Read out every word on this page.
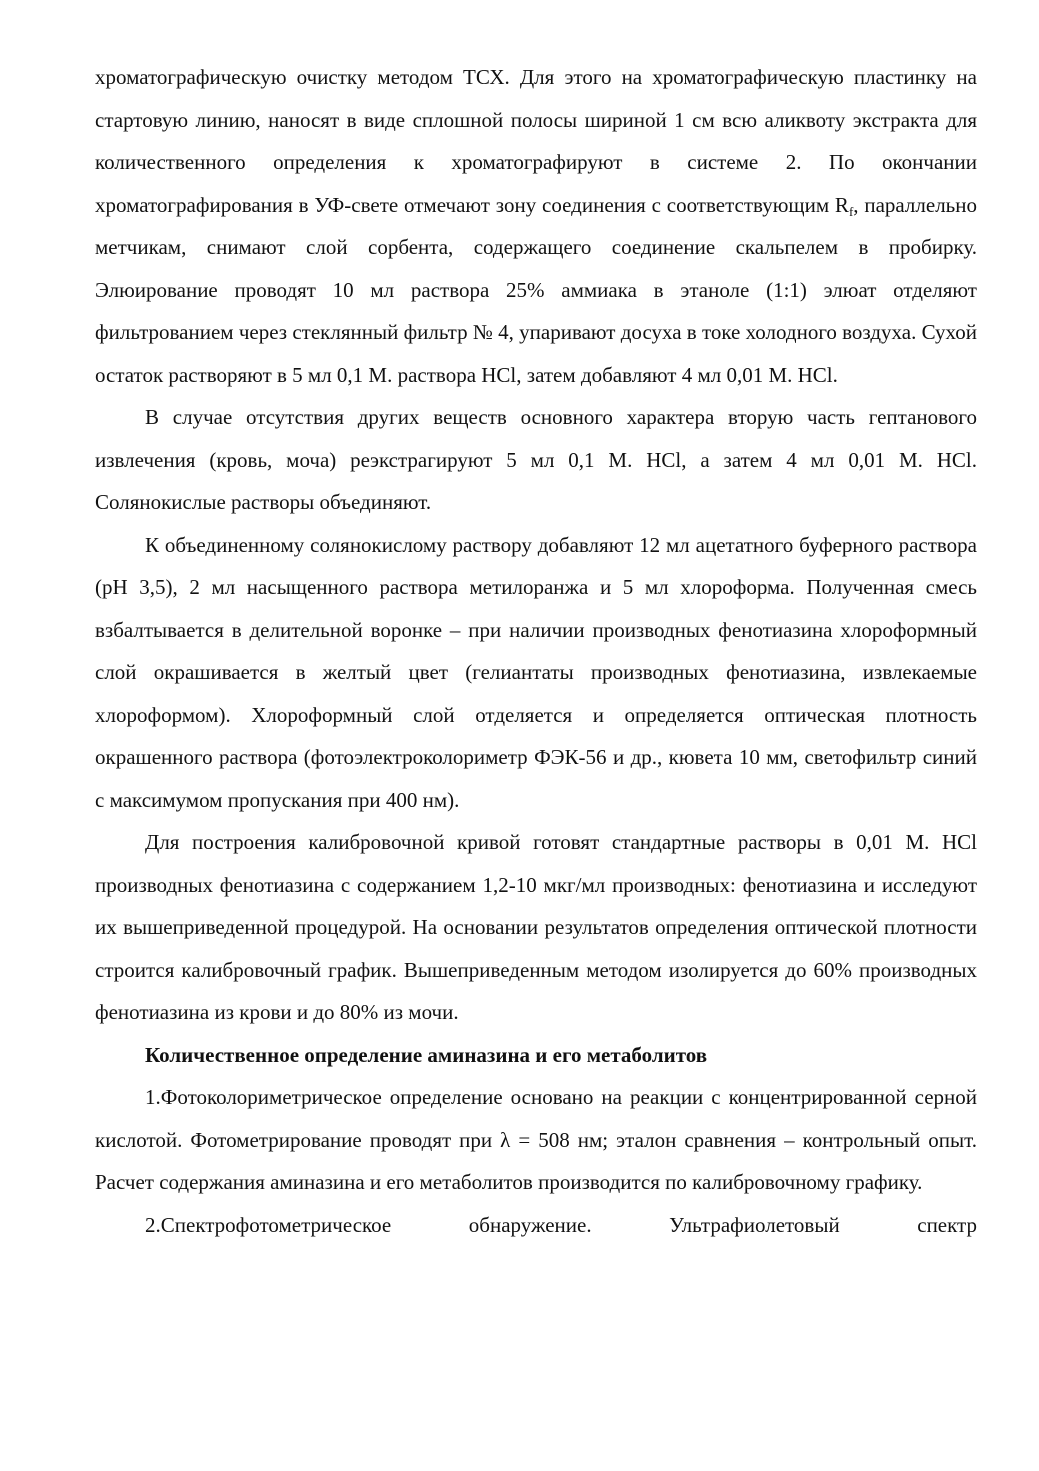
хроматографическую очистку методом ТСХ. Для этого на хроматографическую пластинку на стартовую линию, наносят в виде сплошной полосы шириной 1 см всю аликвоту экстракта для количественного определения к хроматографируют в системе 2. По окончании хроматографирования в УФ-свете отмечают зону соединения с соответствующим $R_f$, параллельно метчикам, снимают слой сорбента, содержащего соединение скальпелем в пробирку. Элюирование проводят 10 мл раствора 25% аммиака в этаноле (1:1) элюат отделяют фильтрованием через стеклянный фильтр № 4, упаривают досуха в токе холодного воздуха. Сухой остаток растворяют в 5 мл 0,1 М. раствора HCl, затем добавляют 4 мл 0,01 М. HCl.

В случае отсутствия других веществ основного характера вторую часть гептанового извлечения (кровь, моча) реэкстрагируют 5 мл 0,1 М. HCl, а затем 4 мл 0,01 М. HCl. Солянокислые растворы объединяют.

К объединенному солянокислому раствору добавляют 12 мл ацетатного буферного раствора (pH 3,5), 2 мл насыщенного раствора метилоранжа и 5 мл хлороформа. Полученная смесь взбалтывается в делительной воронке – при наличии производных фенотиазина хлороформный слой окрашивается в желтый цвет (гелиантаты производных фенотиазина, извлекаемые хлороформом). Хлороформный слой отделяется и определяется оптическая плотность окрашенного раствора (фотоэлектроколориметр ФЭК-56 и др., кювета 10 мм, светофильтр синий с максимумом пропускания при 400 нм).

Для построения калибровочной кривой готовят стандартные растворы в 0,01 М. HCl производных фенотиазина с содержанием 1,2-10 мкг/мл производных: фенотиазина и исследуют их вышеприведенной процедурой. На основании результатов определения оптической плотности строится калибровочный график. Вышеприведенным методом изолируется до 60% производных фенотиазина из крови и до 80% из мочи.

Количественное определение аминазина и его метаболитов

1.Фотоколориметрическое определение основано на реакции с концентрированной серной кислотой. Фотометрирование проводят при λ = 508 нм; эталон сравнения – контрольный опыт. Расчет содержания аминазина и его метаболитов производится по калибровочному графику.

2.Спектрофотометрическое обнаружение. Ультрафиолетовый спектр
